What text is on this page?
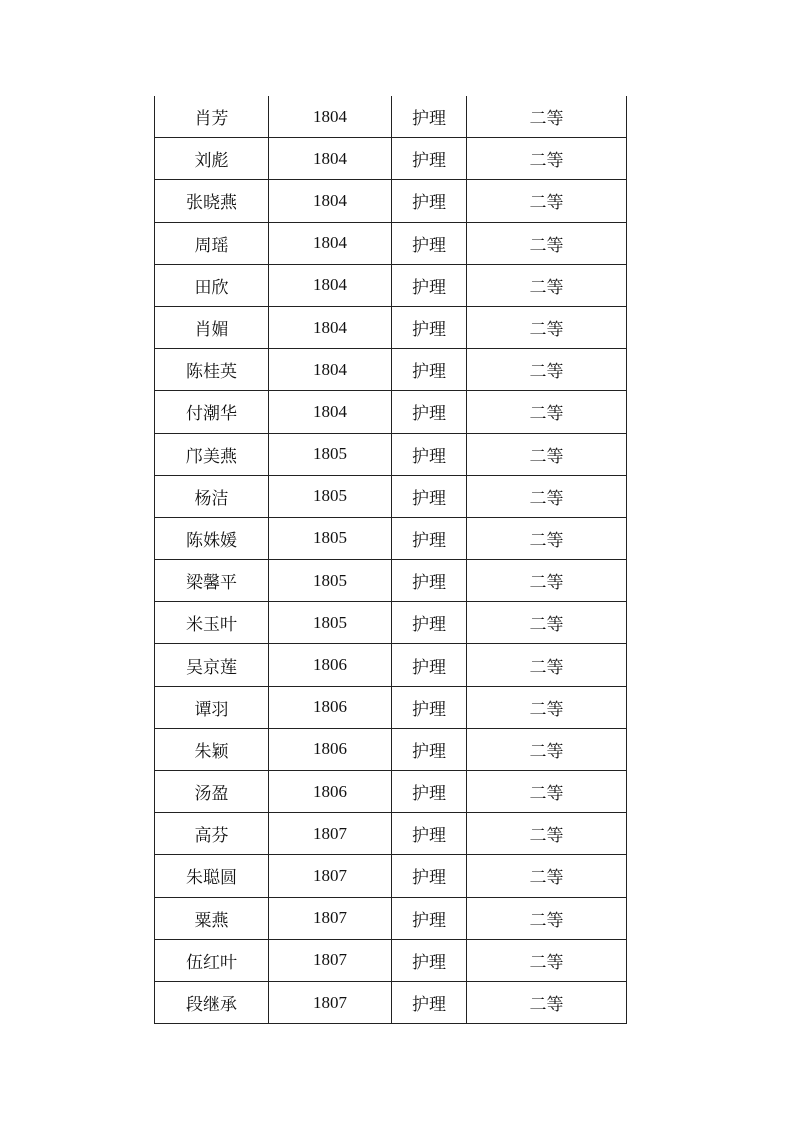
肖芳	1804	护理	二等
刘彪	1804	护理	二等
张晓燕	1804	护理	二等
周瑶	1804	护理	二等
田欣	1804	护理	二等
肖媚	1804	护理	二等
陈桂英	1804	护理	二等
付潮华	1804	护理	二等
邝美燕	1805	护理	二等
杨洁	1805	护理	二等
陈姝媛	1805	护理	二等
梁馨平	1805	护理	二等
米玉叶	1805	护理	二等
吴京莲	1806	护理	二等
谭羽	1806	护理	二等
朱颖	1806	护理	二等
汤盈	1806	护理	二等
高芬	1807	护理	二等
朱聪圆	1807	护理	二等
粟燕	1807	护理	二等
伍红叶	1807	护理	二等
段继承	1807	护理	二等
